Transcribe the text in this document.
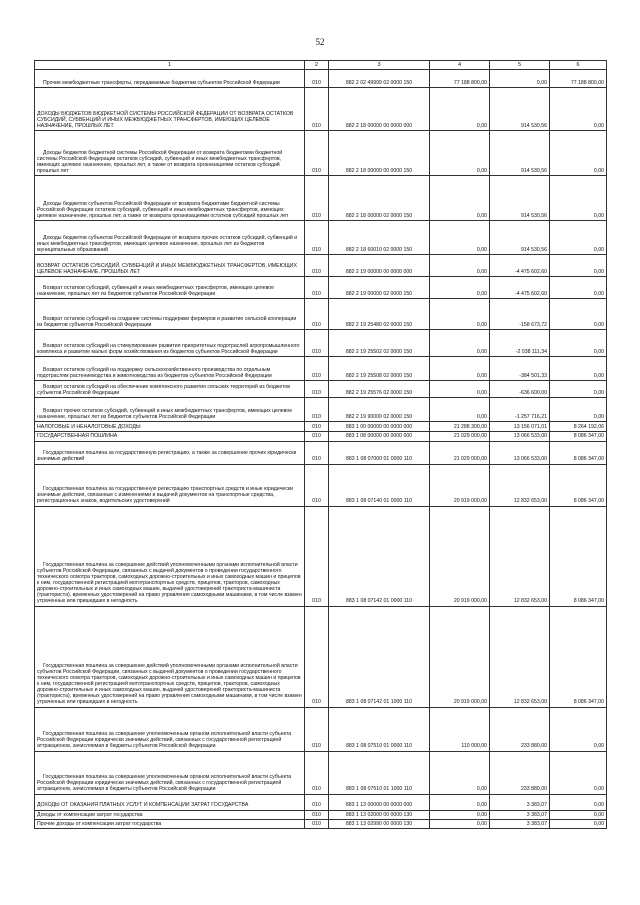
52
1	2	3	4	5	6
Прочие межбюджетные трансферты, передаваемые бюджетам субъектов Российской Федерации	010	882 2 02 49999 02 0000 150	77 188 800,00	0,00	77 188 800,00
ДОХОДЫ БЮДЖЕТОВ БЮДЖЕТНОЙ СИСТЕМЫ РОССИЙСКОЙ ФЕДЕРАЦИИ ОТ ВОЗВРАТА ОСТАТКОВ СУБСИДИЙ, СУБВЕНЦИЙ И ИНЫХ МЕЖБЮДЖЕТНЫХ ТРАНСФЕРТОВ, ИМЕЮЩИХ ЦЕЛЕВОЕ НАЗНАЧЕНИЕ, ПРОШЛЫХ ЛЕТ	010	882 2 18 00000 00 0000 000	0,00	914 530,56	0,00
Доходы бюджетов бюджетной системы Российской Федерации от возврата бюджетами бюджетной системы Российской Федерации остатков субсидий, субвенций и иных межбюджетных трансфертов, имеющих целевое назначение, прошлых лет, а также от возврата организациями остатков субсидий прошлых лет	010	882 2 18 00000 00 0000 150	0,00	914 530,56	0,00
Доходы бюджетов субъектов Российской Федерации от возврата бюджетами бюджетной системы Российской Федерации остатков субсидий, субвенций и иных межбюджетных трансфертов, имеющих целевое назначение, прошлых лет, а также от возврата организациями остатков субсидий прошлых лет	010	882 2 18 00000 02 0000 150	0,00	914 530,56	0,00
Доходы бюджетов субъектов Российской Федерации от возврата прочих остатков субсидий, субвенций и иных межбюджетных трансфертов, имеющих целевое назначение, прошлых лет из бюджетов муниципальных образований	010	882 2 18 60010 02 0000 150	0,00	914 530,56	0,00
ВОЗВРАТ ОСТАТКОВ СУБСИДИЙ, СУБВЕНЦИЙ И ИНЫХ МЕЖБЮДЖЕТНЫХ ТРАНСФЕРТОВ, ИМЕЮЩИХ ЦЕЛЕВОЕ НАЗНАЧЕНИЕ, ПРОШЛЫХ ЛЕТ	010	882 2 19 00000 00 0000 000	0,00	-4 475 602,60	0,00
Возврат остатков субсидий, субвенций и иных межбюджетных трансфертов, имеющих целевое назначение, прошлых лет из бюджетов субъектов Российской Федерации	010	882 2 19 00000 02 0000 150	0,00	-4 475 602,60	0,00
Возврат остатков субсидий на создание системы поддержки фермеров и развитие сельской кооперации из бюджетов субъектов Российской Федерации	010	882 2 19 25480 02 0000 150	0,00	-158 673,72	0,00
Возврат остатков субсидий на стимулирование развития приоритетных подотраслей агропромышленного комплекса и развитие малых форм хозяйствования из бюджетов субъектов Российской Федерации	010	882 2 19 25502 02 0000 150	0,00	-2 038 111,34	0,00
Возврат остатков субсидий на поддержку сельскохозяйственного производства по отдельным подотраслям растениеводства и животноводства из бюджетов субъектов Российской Федерации	010	882 2 19 25508 02 0000 150	0,00	-384 501,33	0,00
Возврат остатков субсидий на обеспечение комплексного развития сельских территорий из бюджетов субъектов Российской Федерации	010	882 2 19 25576 02 0000 150	0,00	-636 600,00	0,00
Возврат прочих остатков субсидий, субвенций и иных межбюджетных трансфертов, имеющих целевое назначение, прошлых лет из бюджетов субъектов Российской Федерации	010	882 2 19 90000 02 0000 150	0,00	-1 257 716,21	0,00
НАЛОГОВЫЕ И НЕНАЛОГОВЫЕ ДОХОДЫ	010	883 1 00 00000 00 0000 000	21 288 300,00	13 156 071,01	8 264 192,06
ГОСУДАРСТВЕННАЯ ПОШЛИНА	010	883 1 08 00000 00 0000 000	21 029 000,00	13 066 533,00	8 086 347,00
Государственная пошлина за государственную регистрацию, а также за совершение прочих юридически значимых действий	010	883 1 08 07000 01 0000 110	21 029 000,00	13 066 533,00	8 086 347,00
Государственная пошлина за государственную регистрацию транспортных средств и иные юридически значимые действия, связанные с изменениями и выдачей документов на транспортные средства, регистрационных знаков, водительских удостоверений	010	883 1 08 07140 01 0000 110	20 919 000,00	12 832 653,00	8 086 347,00
Государственная пошлина за совершение действий уполномоченными органами исполнительной власти субъектов Российской Федерации, связанных с выдачей документов о проведении государственного технического осмотра тракторов, самоходных дорожно-строительных и иных самоходных машин и прицепов к ним, государственной регистрацией мототранспортных средств, прицепов, тракторов, самоходных дорожно-строительных и иных самоходных машин, выдачей удостоверений тракториста-машиниста (тракториста), временных удостоверений на право управления самоходными машинами, в том числе взамен утраченных или пришедших в негодность	010	883 1 08 07142 01 0000 110	20 919 000,00	12 832 653,00	8 086 347,00
Государственная пошлина за совершение действий уполномоченными органами исполнительной власти субъектов Российской Федерации, связанных с выдачей документов о проведении государственного технического осмотра тракторов, самоходных дорожно-строительных и иных самоходных машин и прицепов к ним, государственной регистрацией мототранспортных средств, прицепов, тракторов, самоходных дорожно-строительных и иных самоходных машин, выдачей удостоверений тракториста-машиниста (тракториста), временных удостоверений на право управления самоходными машинами, в том числе взамен утраченных или пришедших в негодность	010	883 1 08 07142 01 1000 110	20 919 000,00	12 832 653,00	8 086 347,00
Государственная пошлина за совершение уполномоченным органом исполнительной власти субъекта Российской Федерации юридически значимых действий, связанных с государственной регистрацией аттракционов, зачисляемая в бюджеты субъектов Российской Федерации	010	883 1 08 07510 01 0000 110	110 000,00	233 880,00	0,00
Государственная пошлина за совершение уполномоченным органом исполнительной власти субъекта Российской Федерации юридически значимых действий, связанных с государственной регистрацией аттракционов, зачисляемая в бюджеты субъектов Российской Федерации	010	883 1 08 07510 01 1000 110	0,00	233 880,00	0,00
ДОХОДЫ ОТ ОКАЗАНИЯ ПЛАТНЫХ УСЛУГ И КОМПЕНСАЦИИ ЗАТРАТ ГОСУДАРСТВА	010	883 1 13 00000 00 0000 000	0,00	3 383,07	0,00
Доходы от компенсации затрат государства	010	883 1 13 02000 00 0000 130	0,00	3 383,07	0,00
Прочие доходы от компенсации затрат государства	010	883 1 13 02990 00 0000 130	0,00	3 383,07	0,00
